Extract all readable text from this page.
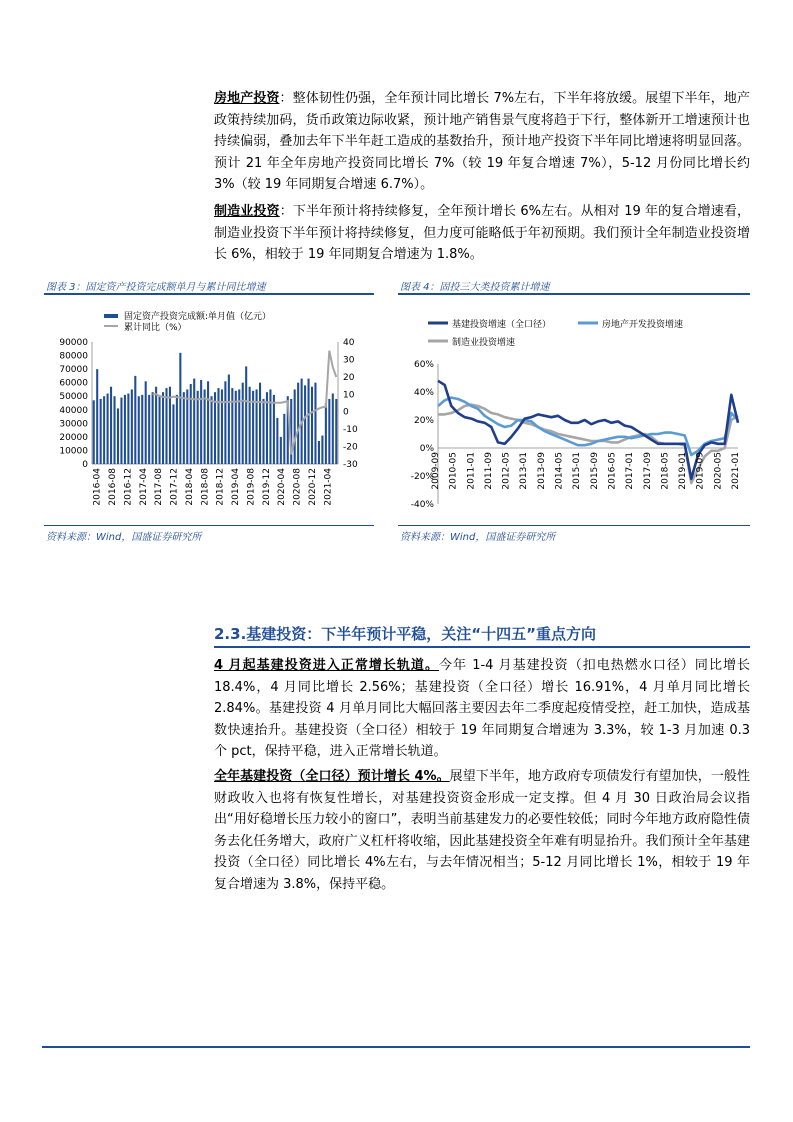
房地产投资：整体韧性仍强，全年预计同比增长 7%左右，下半年将放缓。展望下半年，地产政策持续加码，货币政策边际收紧，预计地产销售景气度将趋于下行，整体新开工增速预计也持续偏弱，叠加去年下半年赶工造成的基数抬升，预计地产投资下半年同比增速将明显回落。预计 21 年全年房地产投资同比增长 7%（较 19 年复合增速 7%），5-12 月份同比增长约 3%（较 19 年同期复合增速 6.7%）。
制造业投资：下半年预计将持续修复，全年预计增长 6%左右。从相对 19 年的复合增速看，制造业投资下半年预计将持续修复，但力度可能略低于年初预期。我们预计全年制造业投资增长 6%，相较于 19 年同期复合增速为 1.8%。
图表 3：固定资产投资完成额单月与累计同比增速	图表 4：固投三大类投资累计增速
固定资产投资完成额:单月值（亿元）
累计同比（%）
0
10000
20000
30000
40000
50000
60000
70000
80000
90000
-30
-20
-10
0
10
20
30
40
2016-04 2016-08 2016-12 2017-04 2017-08 2017-12 2018-04 2018-08 2018-12 2019-04 2019-08 2019-12 2020-04 2020-08 2020-12 2021-04
资料来源：Wind，国盛证券研究所
基建投资增速（全口径）	房地产开发投资增速
制造业投资增速
-40%
-20%
0%
20%
40%
60%
2009-09 2010-05 2011-01 2011-09 2012-05 2013-01 2013-09 2014-05 2015-01 2015-09 2016-05 2017-01 2017-09 2018-05 2019-01 2019-09 2020-05 2021-01
资料来源：Wind，国盛证券研究所
2.3.基建投资：下半年预计平稳，关注“十四五”重点方向
4 月起基建投资进入正常增长轨道。今年 1-4 月基建投资（扣电热燃水口径）同比增长 18.4%，4 月同比增长 2.56%；基建投资（全口径）增长 16.91%，4 月单月同比增长 2.84%。基建投资 4 月单月同比大幅回落主要因去年二季度起疫情受控，赶工加快，造成基数快速抬升。基建投资（全口径）相较于 19 年同期复合增速为 3.3%，较 1-3 月加速 0.3 个 pct，保持平稳，进入正常增长轨道。
全年基建投资（全口径）预计增长 4%。展望下半年，地方政府专项债发行有望加快，一般性财政收入也将有恢复性增长，对基建投资资金形成一定支撑。但 4 月 30 日政治局会议指出“用好稳增长压力较小的窗口”，表明当前基建发力的必要性较低；同时今年地方政府隐性债务去化任务增大，政府广义杠杆将收缩，因此基建投资全年难有明显抬升。我们预计全年基建投资（全口径）同比增长 4%左右，与去年情况相当；5-12 月同比增长 1%，相较于 19 年复合增速为 3.8%，保持平稳。
